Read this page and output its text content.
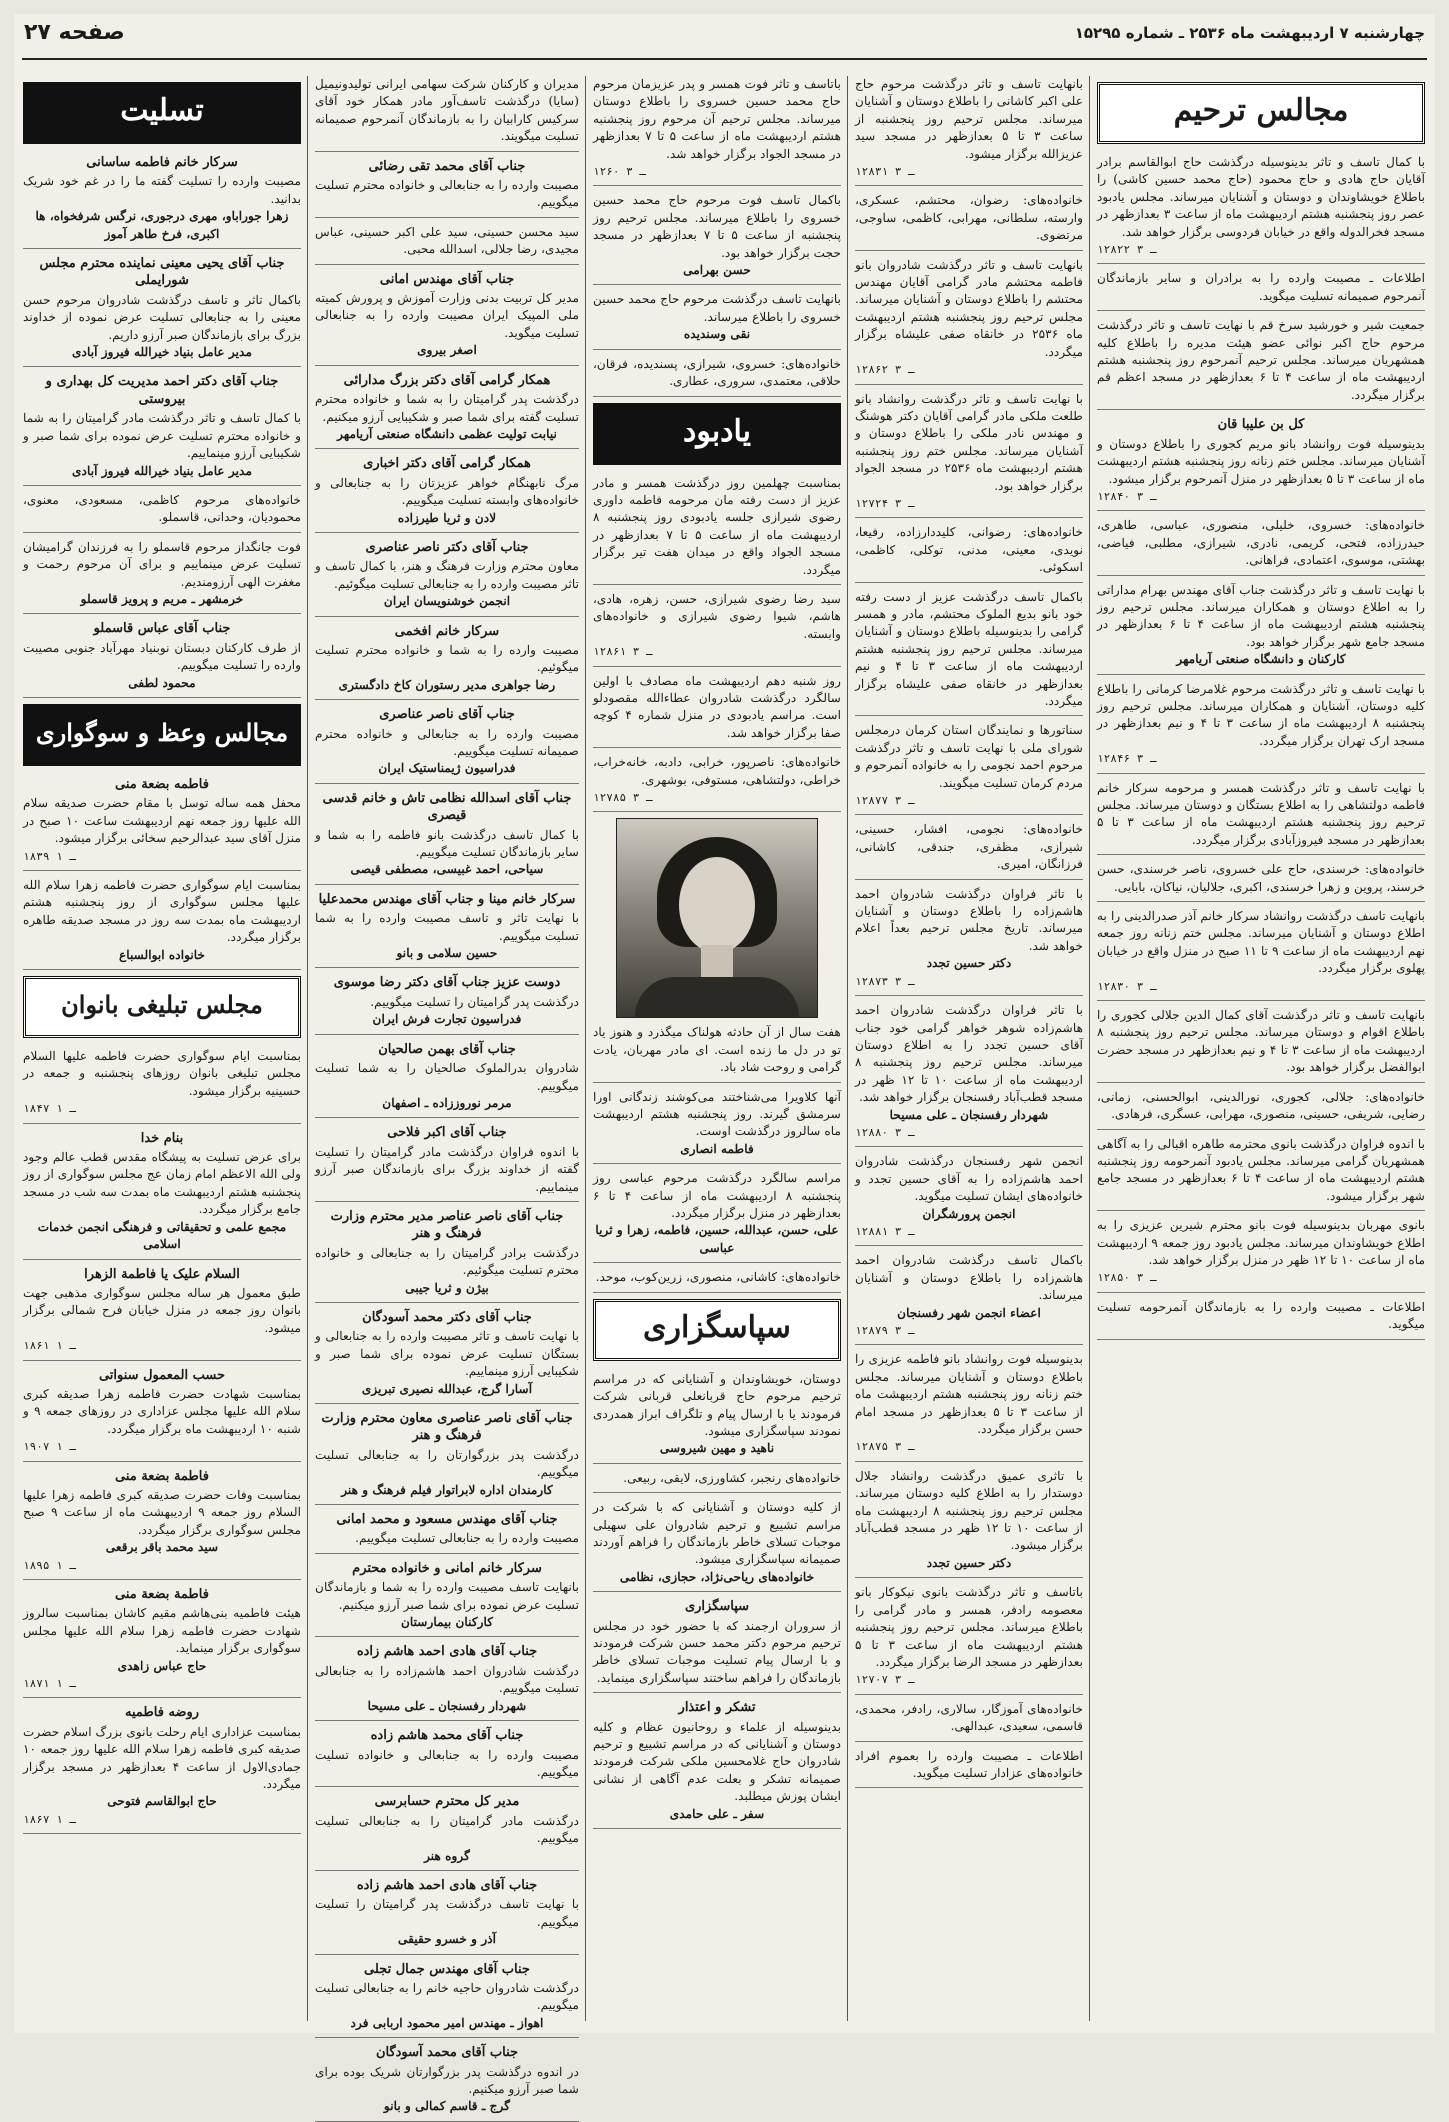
چهارشنبه ۷ اردیبهشت ماه ۲۵۳۶ ـ شماره ۱۵۲۹۵
صفحه ۲۷
مجالس ترحیم
با کمال تاسف و تاثر بدینوسیله درگذشت حاج ابوالقاسم برادر آقایان حاج هادی و حاج محمود (حاج محمد حسین کاشی) را باطلاع خویشاوندان و دوستان و آشنایان میرساند. مجلس یادبود عصر روز پنجشنبه هشتم اردیبهشت ماه از ساعت ۳ بعدازظهر در مسجد فخرالدوله واقع در خیابان فردوسی برگزار خواهد شد.
۱۲۸۲۲ ـ ۳
اطلاعات ـ مصیبت وارده را به برادران و سایر بازماندگان آنمرحوم صمیمانه تسلیت میگوید.
جمعیت شیر و خورشید سرخ قم با نهایت تاسف و تاثر درگذشت مرحوم حاج اکبر نوائی عضو هیئت مدیره را باطلاع کلیه همشهریان میرساند. مجلس ترحیم آنمرحوم روز پنجشنبه هشتم اردیبهشت ماه از ساعت ۴ تا ۶ بعدازظهر در مسجد اعظم قم برگزار میگردد.
کل بن علیبا قان
بدینوسیله فوت روانشاد بانو مریم کجوری را باطلاع دوستان و آشنایان میرساند. مجلس ختم زنانه روز پنجشنبه هشتم اردیبهشت ماه از ساعت ۳ تا ۵ بعدازظهر در منزل آنمرحوم برگزار میشود.
۱۲۸۴۰ ـ ۳
خانواده‌های: خسروی، خلیلی، منصوری، عباسی، طاهری، حیدرزاده، فتحی، کریمی، نادری، شیرازی، مطلبی، فیاضی، بهشتی، موسوی، اعتمادی، فراهانی.
با نهایت تاسف و تاثر درگذشت جناب آقای مهندس بهرام مداراتی را به اطلاع دوستان و همکاران میرساند. مجلس ترحیم روز پنجشنبه هشتم اردیبهشت ماه از ساعت ۴ تا ۶ بعدازظهر در مسجد جامع شهر برگزار خواهد بود.
کارکنان و دانشگاه صنعتی آریامهر
با نهایت تاسف و تاثر درگذشت مرحوم غلامرضا کرمانی را باطلاع کلیه دوستان، آشنایان و همکاران میرساند. مجلس ترحیم روز پنجشنبه ۸ اردیبهشت ماه از ساعت ۳ تا ۴ و نیم بعدازظهر در مسجد ارک تهران برگزار میگردد.
۱۲۸۴۶ ـ ۳
با نهایت تاسف و تاثر درگذشت همسر و مرحومه سرکار خانم فاطمه دولتشاهی را به اطلاع بستگان و دوستان میرساند. مجلس ترحیم روز پنجشنبه هشتم اردیبهشت ماه از ساعت ۳ تا ۵ بعدازظهر در مسجد فیروزآبادی برگزار میگردد.
خانواده‌های: خرسندی، حاج علی خسروی، ناصر خرسندی، حسن خرسند، پروین و زهرا خرسندی، اکبری، جلالیان، نیاکان، بابایی.
بانهایت تاسف درگذشت روانشاد سرکار خانم آذر صدرالدینی را به اطلاع دوستان و آشنایان میرساند. مجلس ختم زنانه روز جمعه نهم اردیبهشت ماه از ساعت ۹ تا ۱۱ صبح در منزل واقع در خیابان پهلوی برگزار میگردد.
۱۲۸۳۰ ـ ۳
بانهایت تاسف و تاثر درگذشت آقای کمال الدین جلالی کجوری را باطلاع اقوام و دوستان میرساند. مجلس ترحیم روز پنجشنبه ۸ اردیبهشت ماه از ساعت ۳ تا ۴ و نیم بعدازظهر در مسجد حضرت ابوالفضل برگزار خواهد بود.
خانواده‌های: جلالی، کجوری، نورالدینی، ابوالحسنی، زمانی، رضایی، شریفی، حسینی، منصوری، مهرابی، عسگری، فرهادی.
با اندوه فراوان درگذشت بانوی محترمه طاهره اقبالی را به آگاهی همشهریان گرامی میرساند. مجلس یادبود آنمرحومه روز پنجشنبه هشتم اردیبهشت ماه از ساعت ۴ تا ۶ بعدازظهر در مسجد جامع شهر برگزار میشود.
بانوی مهربان بدینوسیله فوت بانو محترم شیرین عزیزی را به اطلاع خویشاوندان میرساند. مجلس یادبود روز جمعه ۹ اردیبهشت ماه از ساعت ۱۰ تا ۱۲ ظهر در منزل برگزار خواهد شد.
۱۲۸۵۰ ـ ۳
اطلاعات ـ مصیبت وارده را به بازماندگان آنمرحومه تسلیت میگوید.
بانهایت تاسف و تاثر درگذشت مرحوم حاج علی اکبر کاشانی را باطلاع دوستان و آشنایان میرساند. مجلس ترحیم روز پنجشنبه از ساعت ۳ تا ۵ بعدازظهر در مسجد سید عزیزالله برگزار میشود.
۱۲۸۳۱ ـ ۳
خانواده‌های: رضوان، محتشم، عسکری، وارسته، سلطانی، مهرابی، کاظمی، ساوجی، مرتضوی.
بانهایت تاسف و تاثر درگذشت شادروان بانو فاطمه محتشم مادر گرامی آقایان مهندس محتشم را باطلاع دوستان و آشنایان میرساند. مجلس ترحیم روز پنجشنبه هشتم اردیبهشت ماه ۲۵۳۶ در خانقاه صفی علیشاه برگزار میگردد.
۱۲۸۶۲ ـ ۳
با نهایت تاسف و تاثر درگذشت روانشاد بانو طلعت ملکی مادر گرامی آقایان دکتر هوشنگ و مهندس نادر ملکی را باطلاع دوستان و آشنایان میرساند. مجلس ختم روز پنجشنبه هشتم اردیبهشت ماه ۲۵۳۶ در مسجد الجواد برگزار خواهد بود.
۱۲۷۲۴ ـ ۳
خانواده‌های: رضوانی، کلیددارزاده، رفیعا، نویدی، معینی، مدنی، توکلی، کاظمی، اسکوئی.
باکمال تاسف درگذشت عزیز از دست رفته خود بانو بدیع الملوک محتشم، مادر و همسر گرامی را بدینوسیله باطلاع دوستان و آشنایان میرساند. مجلس ترحیم روز پنجشنبه هشتم اردیبهشت ماه از ساعت ۳ تا ۴ و نیم بعدازظهر در خانقاه صفی علیشاه برگزار میگردد.
سناتورها و نمایندگان استان کرمان درمجلس شورای ملی با نهایت تاسف و تاثر درگذشت مرحوم احمد نجومی را به خانواده آنمرحوم و مردم کرمان تسلیت میگویند.
۱۲۸۷۷ ـ ۳
خانواده‌های: نجومی، افشار، حسینی، شیرازی، مظفری، جندقی، کاشانی، فرزانگان، امیری.
با تاثر فراوان درگذشت شادروان احمد هاشم‌زاده را باطلاع دوستان و آشنایان میرساند. تاریخ مجلس ترحیم بعداً اعلام خواهد شد.
دکتر حسین تجدد
۱۲۸۷۳ ـ ۳
با تاثر فراوان درگذشت شادروان احمد هاشم‌زاده شوهر خواهر گرامی خود جناب آقای حسین تجدد را به اطلاع دوستان میرساند. مجلس ترحیم روز پنجشنبه ۸ اردیبهشت ماه از ساعت ۱۰ تا ۱۲ ظهر در مسجد قطب‌آباد رفسنجان برگزار خواهد شد.
شهردار رفسنجان ـ علی مسیحا
۱۲۸۸۰ ـ ۳
انجمن شهر رفسنجان درگذشت شادروان احمد هاشم‌زاده را به آقای حسین تجدد و خانواده‌های ایشان تسلیت میگوید.
انجمن پرورشگران
۱۲۸۸۱ ـ ۳
باکمال تاسف درگذشت شادروان احمد هاشم‌زاده را باطلاع دوستان و آشنایان میرساند.
اعضاء انجمن شهر رفسنجان
۱۲۸۷۹ ـ ۳
بدینوسیله فوت روانشاد بانو فاطمه عزیزی را باطلاع دوستان و آشنایان میرساند. مجلس ختم زنانه روز پنجشنبه هشتم اردیبهشت ماه از ساعت ۳ تا ۵ بعدازظهر در مسجد امام حسن برگزار میگردد.
۱۲۸۷۵ ـ ۳
با تاثری عمیق درگذشت روانشاد جلال دوستدار را به اطلاع کلیه دوستان میرساند. مجلس ترحیم روز پنجشنبه ۸ اردیبهشت ماه از ساعت ۱۰ تا ۱۲ ظهر در مسجد قطب‌آباد برگزار میشود.
دکتر حسین تجدد
باتاسف و تاثر درگذشت بانوی نیکوکار بانو معصومه رادفر، همسر و مادر گرامی را باطلاع میرساند. مجلس ترحیم روز پنجشنبه هشتم اردیبهشت ماه از ساعت ۳ تا ۵ بعدازظهر در مسجد الرضا برگزار میگردد.
۱۲۷۰۷ ـ ۳
خانواده‌های آموزگار، سالاری، رادفر، محمدی، قاسمی، سعیدی، عبدالهی.
اطلاعات ـ مصیبت وارده را بعموم افراد خانواده‌های عزادار تسلیت میگوید.
باتاسف و تاثر فوت همسر و پدر عزیزمان مرحوم حاج محمد حسین خسروی را باطلاع دوستان میرساند. مجلس ترحیم آن مرحوم روز پنجشنبه هشتم اردیبهشت ماه از ساعت ۵ تا ۷ بعدازظهر در مسجد الجواد برگزار خواهد شد.
۱۲۶۰ ـ ۳
باکمال تاسف فوت مرحوم حاج محمد حسین خسروی را باطلاع میرساند. مجلس ترحیم روز پنجشنبه از ساعت ۵ تا ۷ بعدازظهر در مسجد حجت برگزار خواهد بود.
حسن بهرامی
بانهایت تاسف درگذشت مرحوم حاج محمد حسین خسروی را باطلاع میرساند.
نقی وسندیده
خانواده‌های: خسروی، شیرازی، پسندیده، فرقان، حلاقی، معتمدی، سروری، عطاری.
یادبود
بمناسبت چهلمین روز درگذشت همسر و مادر عزیز از دست رفته مان مرحومه فاطمه داوری رضوی شیرازی جلسه یادبودی روز پنجشنبه ۸ اردیبهشت ماه از ساعت ۵ تا ۷ بعدازظهر در مسجد الجواد واقع در میدان هفت تیر برگزار میگردد.
سید رضا رضوی شیرازی، حسن، زهره، هادی، هاشم، شیوا رضوی شیرازی و خانواده‌های وابسته.
۱۲۸۶۱ ـ ۳
روز شنبه دهم اردیبهشت ماه مصادف با اولین سالگرد درگذشت شادروان عطاءالله مقصودلو است. مراسم یادبودی در منزل شماره ۴ کوچه صفا برگزار خواهد شد.
خانواده‌های: ناصرپور، خرابی، دادبه، خانه‌خراب، خراطی، دولتشاهی، مستوفی، بوشهری.
۱۲۷۸۵ ـ ۳
هفت سال از آن حادثه هولناک میگذرد و هنوز یاد تو در دل ما زنده است. ای مادر مهربان، یادت گرامی و روحت شاد باد.
آنها کلاویرا می‌شناختند می‌کوشند زندگانی اورا سرمشق گیرند. روز پنجشنبه هشتم اردیبهشت ماه سالروز درگذشت اوست.
فاطمه انصاری
مراسم سالگرد درگذشت مرحوم عباسی روز پنجشنبه ۸ اردیبهشت ماه از ساعت ۴ تا ۶ بعدازظهر در منزل برگزار میگردد.
علی، حسن، عبدالله، حسین، فاطمه، زهرا و ثریا عباسی
خانواده‌های: کاشانی، منصوری، زرین‌کوب، موحد.
سپاسگزاری
دوستان، خویشاوندان و آشنایانی که در مراسم ترحیم مرحوم حاج قربانعلی قربانی شرکت فرمودند یا با ارسال پیام و تلگراف ابراز همدردی نمودند سپاسگزاری میشود.
ناهید و مهین شیروسی
خانواده‌های رنجبر، کشاورزی، لایقی، ربیعی.
از کلیه دوستان و آشنایانی که با شرکت در مراسم تشییع و ترحیم شادروان علی سهیلی موجبات تسلای خاطر بازماندگان را فراهم آوردند صمیمانه سپاسگزاری میشود.
خانواده‌های ریاحی‌نژاد، حجازی، نظامی
سپاسگزاری
از سروران ارجمند که با حضور خود در مجلس ترحیم مرحوم دکتر محمد حسن شرکت فرمودند و با ارسال پیام تسلیت موجبات تسلای خاطر بازماندگان را فراهم ساختند سپاسگزاری مینماید.
تشکر و اعتذار
بدینوسیله از علماء و روحانیون عظام و کلیه دوستان و آشنایانی که در مراسم تشییع و ترحیم شادروان حاج غلامحسین ملکی شرکت فرمودند صمیمانه تشکر و بعلت عدم آگاهی از نشانی ایشان پوزش میطلبد.
سفر ـ علی حامدی
مدیران و کارکنان شرکت سهامی ایرانی تولیدونیمیل (سایا) درگذشت تاسف‌آور مادر همکار خود آقای سرکیس کارابیان را به بازماندگان آنمرحوم صمیمانه تسلیت میگویند.
جناب آقای محمد تقی رضائی
مصیبت وارده را به جنابعالی و خانواده محترم تسلیت میگوییم.
سید محسن حسینی، سید علی اکبر حسینی، عباس مجیدی، رضا جلالی، اسدالله محبی.
جناب آقای مهندس امانی
مدیر کل تربیت بدنی وزارت آموزش و پرورش کمیته ملی المپیک ایران مصیبت وارده را به جنابعالی تسلیت میگوید.
اصغر بیروی
همکار گرامی آقای دکتر بزرگ مدارائی
درگذشت پدر گرامیتان را به شما و خانواده محترم تسلیت گفته برای شما صبر و شکیبایی آرزو میکنیم.
نیابت تولیت عظمی دانشگاه صنعتی آریامهر
همکار گرامی آقای دکتر اخباری
مرگ نابهنگام خواهر عزیزتان را به جنابعالی و خانواده‌های وابسته تسلیت میگوییم.
لادن و ثریا طیرزاده
جناب آقای دکتر ناصر عناصری
معاون محترم وزارت فرهنگ و هنر، با کمال تاسف و تاثر مصیبت وارده را به جنابعالی تسلیت میگوئیم.
انجمن خوشنویسان ایران
سرکار خانم افخمی
مصیبت وارده را به شما و خانواده محترم تسلیت میگوئیم.
رضا جواهری مدیر رستوران کاخ دادگستری
جناب آقای ناصر عناصری
مصیبت وارده را به جنابعالی و خانواده محترم صمیمانه تسلیت میگوییم.
فدراسیون ژیمناستیک ایران
جناب آقای اسدالله نظامی تاش و خانم قدسی قیصری
با کمال تاسف درگذشت بانو فاطمه را به شما و سایر بازماندگان تسلیت میگوییم.
سیاحی، احمد غبیسی، مصطفی قیصی
سرکار خانم مینا و جناب آقای مهندس محمدعلیا
با نهایت تاثر و تاسف مصیبت وارده را به شما تسلیت میگوییم.
حسین سلامی و بانو
دوست عزیز جناب آقای دکتر رضا موسوی
درگذشت پدر گرامیتان را تسلیت میگوییم.
فدراسیون تجارت فرش ایران
جناب آقای بهمن صالحیان
شادروان بدرالملوک صالحیان را به شما تسلیت میگوییم.
مرمر نوروززاده ـ اصفهان
جناب آقای اکبر فلاحی
با اندوه فراوان درگذشت مادر گرامیتان را تسلیت گفته از خداوند بزرگ برای بازماندگان صبر آرزو مینماییم.
جناب آقای ناصر عناصر مدیر محترم وزارت فرهنگ و هنر
درگذشت برادر گرامیتان را به جنابعالی و خانواده محترم تسلیت میگوئیم.
بیژن و ثریا جیبی
جناب آقای دکتر محمد آسودگان
با نهایت تاسف و تاثر مصیبت وارده را به جنابعالی و بستگان تسلیت عرض نموده برای شما صبر و شکیبایی آرزو مینماییم.
آسارا گرج، عبدالله نصیری تبریزی
جناب آقای ناصر عناصری معاون محترم وزارت فرهنگ و هنر
درگذشت پدر بزرگوارتان را به جنابعالی تسلیت میگوییم.
کارمندان اداره لابراتوار فیلم فرهنگ و هنر
جناب آقای مهندس مسعود و محمد امانی
مصیبت وارده را به جنابعالی تسلیت میگوییم.
سرکار خانم امانی و خانواده محترم
بانهایت تاسف مصیبت وارده را به شما و بازماندگان تسلیت عرض نموده برای شما صبر آرزو میکنیم.
کارکنان بیمارستان
جناب آقای هادی احمد هاشم زاده
درگذشت شادروان احمد هاشم‌زاده را به جنابعالی تسلیت میگوییم.
شهردار رفسنجان ـ علی مسیحا
جناب آقای محمد هاشم زاده
مصیبت وارده را به جنابعالی و خانواده تسلیت میگوییم.
مدیر کل محترم حسابرسی
درگذشت مادر گرامیتان را به جنابعالی تسلیت میگوییم.
گروه هنر
جناب آقای هادی احمد هاشم زاده
با نهایت تاسف درگذشت پدر گرامیتان را تسلیت میگوییم.
آذر و خسرو حقیقی
جناب آقای مهندس جمال تجلی
درگذشت شادروان حاجیه خانم را به جنابعالی تسلیت میگوییم.
اهواز ـ مهندس امیر محمود اربابی فرد
جناب آقای محمد آسودگان
در اندوه درگذشت پدر بزرگوارتان شریک بوده برای شما صبر آرزو میکنیم.
گرج ـ قاسم کمالی و بانو
تسلیت
سرکار خانم فاطمه ساسانی
مصیبت وارده را تسلیت گفته ما را در غم خود شریک بدانید.
زهرا جوراباو، مهری درجوری، نرگس شرفخواه، ها اکبری، فرخ طاهر آموز
جناب آقای یحیی معینی نماینده محترم مجلس شورایملی
باکمال تاثر و تاسف درگذشت شادروان مرحوم حسن معینی را به جنابعالی تسلیت عرض نموده از خداوند بزرگ برای بازماندگان صبر آرزو داریم.
مدیر عامل بنیاد خیرالله فیروز آبادی
جناب آقای دکتر احمد مدیریت کل بهداری و بیروستی
با کمال تاسف و تاثر درگذشت مادر گرامیتان را به شما و خانواده محترم تسلیت عرض نموده برای شما صبر و شکیبایی آرزو مینماییم.
مدیر عامل بنیاد خیرالله فیروز آبادی
خانواده‌های مرحوم کاظمی، مسعودی، معنوی، محمودیان، وحدانی، قاسملو.
فوت جانگداز مرحوم قاسملو را به فرزندان گرامیشان تسلیت عرض مینماییم و برای آن مرحوم رحمت و مغفرت الهی آرزومندیم.
خرمشهر ـ مریم و پرویز قاسملو
جناب آقای عباس قاسملو
از طرف کارکنان دبستان نوبنیاد مهرآباد جنوبی مصیبت وارده را تسلیت میگوییم.
محمود لطفی
مجالس وعظ و سوگواری
فاطمه بضعة منی
محفل همه ساله توسل با مقام حضرت صدیقه سلام الله علیها روز جمعه نهم اردیبهشت ساعت ۱۰ صبح در منزل آقای سید عبدالرحیم سخائی برگزار میشود.
۱۸۳۹ ـ ۱
بمناسبت ایام سوگواری حضرت فاطمه زهرا سلام الله علیها مجلس سوگواری از روز پنجشنبه هشتم اردیبهشت ماه بمدت سه روز در مسجد صدیقه طاهره برگزار میگردد.
خانواده ابوالسباع
مجلس تبلیغی بانوان
بمناسبت ایام سوگواری حضرت فاطمه علیها السلام مجلس تبلیغی بانوان روزهای پنجشنبه و جمعه در حسینیه برگزار میشود.
۱۸۴۷ ـ ۱
بنام خدا
برای عرض تسلیت به پیشگاه مقدس قطب عالم وجود ولی الله الاعظم امام زمان عج مجلس سوگواری از روز پنجشنبه هشتم اردیبهشت ماه بمدت سه شب در مسجد جامع برگزار میگردد.
مجمع علمی و تحقیقاتی و فرهنگی انجمن خدمات اسلامی
السلام علیک یا فاطمة الزهرا
طبق معمول هر ساله مجلس سوگواری مذهبی جهت بانوان روز جمعه در منزل خیابان فرح شمالی برگزار میشود.
۱۸۶۱ ـ ۱
حسب المعمول سنواتی
بمناسبت شهادت حضرت فاطمه زهرا صدیقه کبری سلام الله علیها مجلس عزاداری در روزهای جمعه ۹ و شنبه ۱۰ اردیبهشت ماه برگزار میگردد.
۱۹۰۷ ـ ۱
فاطمة بضعة منی
بمناسبت وفات حضرت صدیقه کبری فاطمه زهرا علیها السلام روز جمعه ۹ اردیبهشت ماه از ساعت ۹ صبح مجلس سوگواری برگزار میگردد.
سید محمد باقر برقعی
۱۸۹۵ ـ ۱
فاطمة بضعة منی
هیئت فاطمیه بنی‌هاشم مقیم کاشان بمناسبت سالروز شهادت حضرت فاطمه زهرا سلام الله علیها مجلس سوگواری برگزار مینماید.
حاج عباس زاهدی
۱۸۷۱ ـ ۱
روضه فاطمیه
بمناسبت عزاداری ایام رحلت بانوی بزرگ اسلام حضرت صدیقه کبری فاطمه زهرا سلام الله علیها روز جمعه ۱۰ جمادی‌الاول از ساعت ۴ بعدازظهر در مسجد برگزار میگردد.
حاج ابوالقاسم فتوحی
۱۸۶۷ ـ ۱
